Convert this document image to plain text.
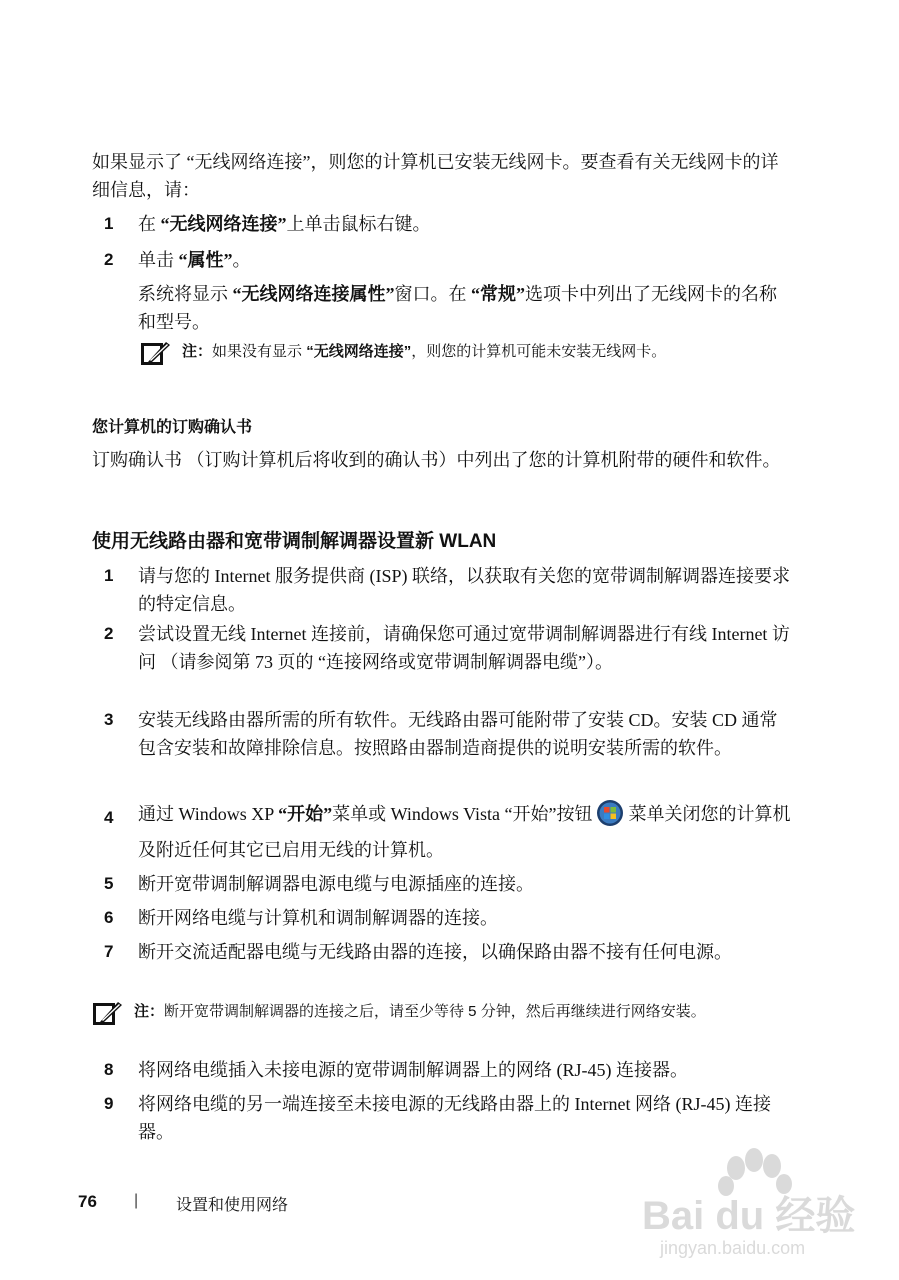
如果显示了 “无线网络连接”，则您的计算机已安装无线网卡。要查看有关无线网卡的详细信息，请：
1	在 “无线网络连接”上单击鼠标右键。
2	单击 “属性”。
系统将显示 “无线网络连接属性”窗口。在 “常规”选项卡中列出了无线网卡的名称和型号。
注：如果没有显示 “无线网络连接”，则您的计算机可能未安装无线网卡。
您计算机的订购确认书
订购确认书 （订购计算机后将收到的确认书）中列出了您的计算机附带的硬件和软件。
使用无线路由器和宽带调制解调器设置新 WLAN
1	请与您的 Internet 服务提供商 (ISP) 联络，以获取有关您的宽带调制解调器连接要求的特定信息。
2	尝试设置无线 Internet 连接前，请确保您可通过宽带调制解调器进行有线 Internet 访问 （请参阅第 73 页的 “连接网络或宽带调制解调器电缆”）。
3	安装无线路由器所需的所有软件。无线路由器可能附带了安装 CD。安装 CD 通常包含安装和故障排除信息。按照路由器制造商提供的说明安装所需的软件。
4	通过 Windows XP “开始”菜单或 Windows Vista “开始”按钮 菜单关闭您的计算机及附近任何其它已启用无线的计算机。
5	断开宽带调制解调器电源电缆与电源插座的连接。
6	断开网络电缆与计算机和调制解调器的连接。
7	断开交流适配器电缆与无线路由器的连接，以确保路由器不接有任何电源。
注：断开宽带调制解调器的连接之后，请至少等待 5 分钟，然后再继续进行网络安装。
8	将网络电缆插入未接电源的宽带调制解调器上的网络 (RJ-45) 连接器。
9	将网络电缆的另一端连接至未接电源的无线路由器上的 Internet 网络 (RJ-45) 连接器。
76 | 设置和使用网络	Bai du 经验
jingyan.baidu.com
